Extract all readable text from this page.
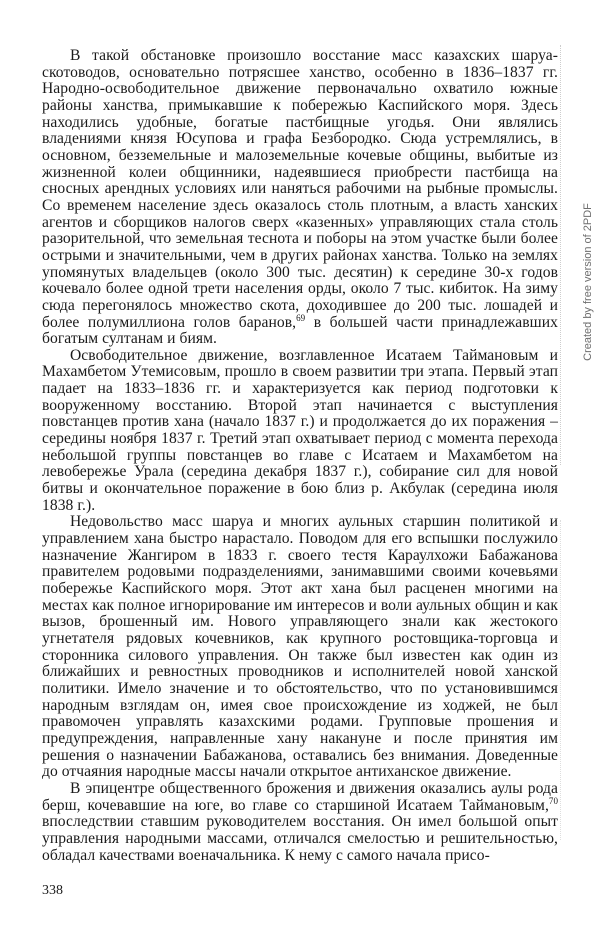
В такой обстановке произошло восстание масс казахских шаруа-скотоводов, основательно потрясшее ханство, особенно в 1836–1837 гг. Народно-освободительное движение первоначально охватило южные районы ханства, примыкавшие к побережью Каспийского моря. Здесь находились удобные, богатые пастбищные угодья. Они являлись владениями князя Юсупова и графа Безбородко. Сюда устремлялись, в основном, безземельные и малоземельные кочевые общины, выбитые из жизненной колеи общинники, надеявшиеся приобрести пастбища на сносных арендных условиях или наняться рабочими на рыбные промыслы. Со временем население здесь оказалось столь плотным, а власть ханских агентов и сборщиков налогов сверх «казенных» управляющих стала столь разорительной, что земельная теснота и поборы на этом участке были более острыми и значительными, чем в других районах ханства. Только на землях упомянутых владельцев (около 300 тыс. десятин) к середине 30-х годов кочевало более одной трети населения орды, около 7 тыс. кибиток. На зиму сюда перегонялось множество скота, доходившее до 200 тыс. лошадей и более полумиллиона голов баранов,$^{69}$ в большей части принадлежавших богатым султанам и биям.

Освободительное движение, возглавленное Исатаем Таймановым и Махамбетом Утемисовым, прошло в своем развитии три этапа. Первый этап падает на 1833–1836 гг. и характеризуется как период подготовки к вооруженному восстанию. Второй этап начинается с выступления повстанцев против хана (начало 1837 г.) и продолжается до их поражения – середины ноября 1837 г. Третий этап охватывает период с момента перехода небольшой группы повстанцев во главе с Исатаем и Махамбетом на левобережье Урала (середина декабря 1837 г.), собирание сил для новой битвы и окончательное поражение в бою близ р. Акбулак (середина июля 1838 г.).

Недовольство масс шаруа и многих аульных старшин политикой и управлением хана быстро нарастало. Поводом для его вспышки послужило назначение Жангиром в 1833 г. своего тестя Караулхожи Бабажанова правителем родовыми подразделениями, занимавшими своими кочевьями побережье Каспийского моря. Этот акт хана был расценен многими на местах как полное игнорирование им интересов и воли аульных общин и как вызов, брошенный им. Нового управляющего знали как жестокого угнетателя рядовых кочевников, как крупного ростовщика-торговца и сторонника силового управления. Он также был известен как один из ближайших и ревностных проводников и исполнителей новой ханской политики. Имело значение и то обстоятельство, что по установившимся народным взглядам он, имея свое происхождение из ходжей, не был правомочен управлять казахскими родами. Групповые прошения и предупреждения, направленные хану накануне и после принятия им решения о назначении Бабажанова, оставались без внимания. Доведенные до отчаяния народные массы начали открытое антиханское движение.

В эпицентре общественного брожения и движения оказались аулы рода берш, кочевавшие на юге, во главе со старшиной Исатаем Таймановым,$^{70}$ впоследствии ставшим руководителем восстания. Он имел большой опыт управления народными массами, отличался смелостью и решительностью, обладал качествами военачальника. К нему с самого начала присо-

338
Created by free version of 2PDF
